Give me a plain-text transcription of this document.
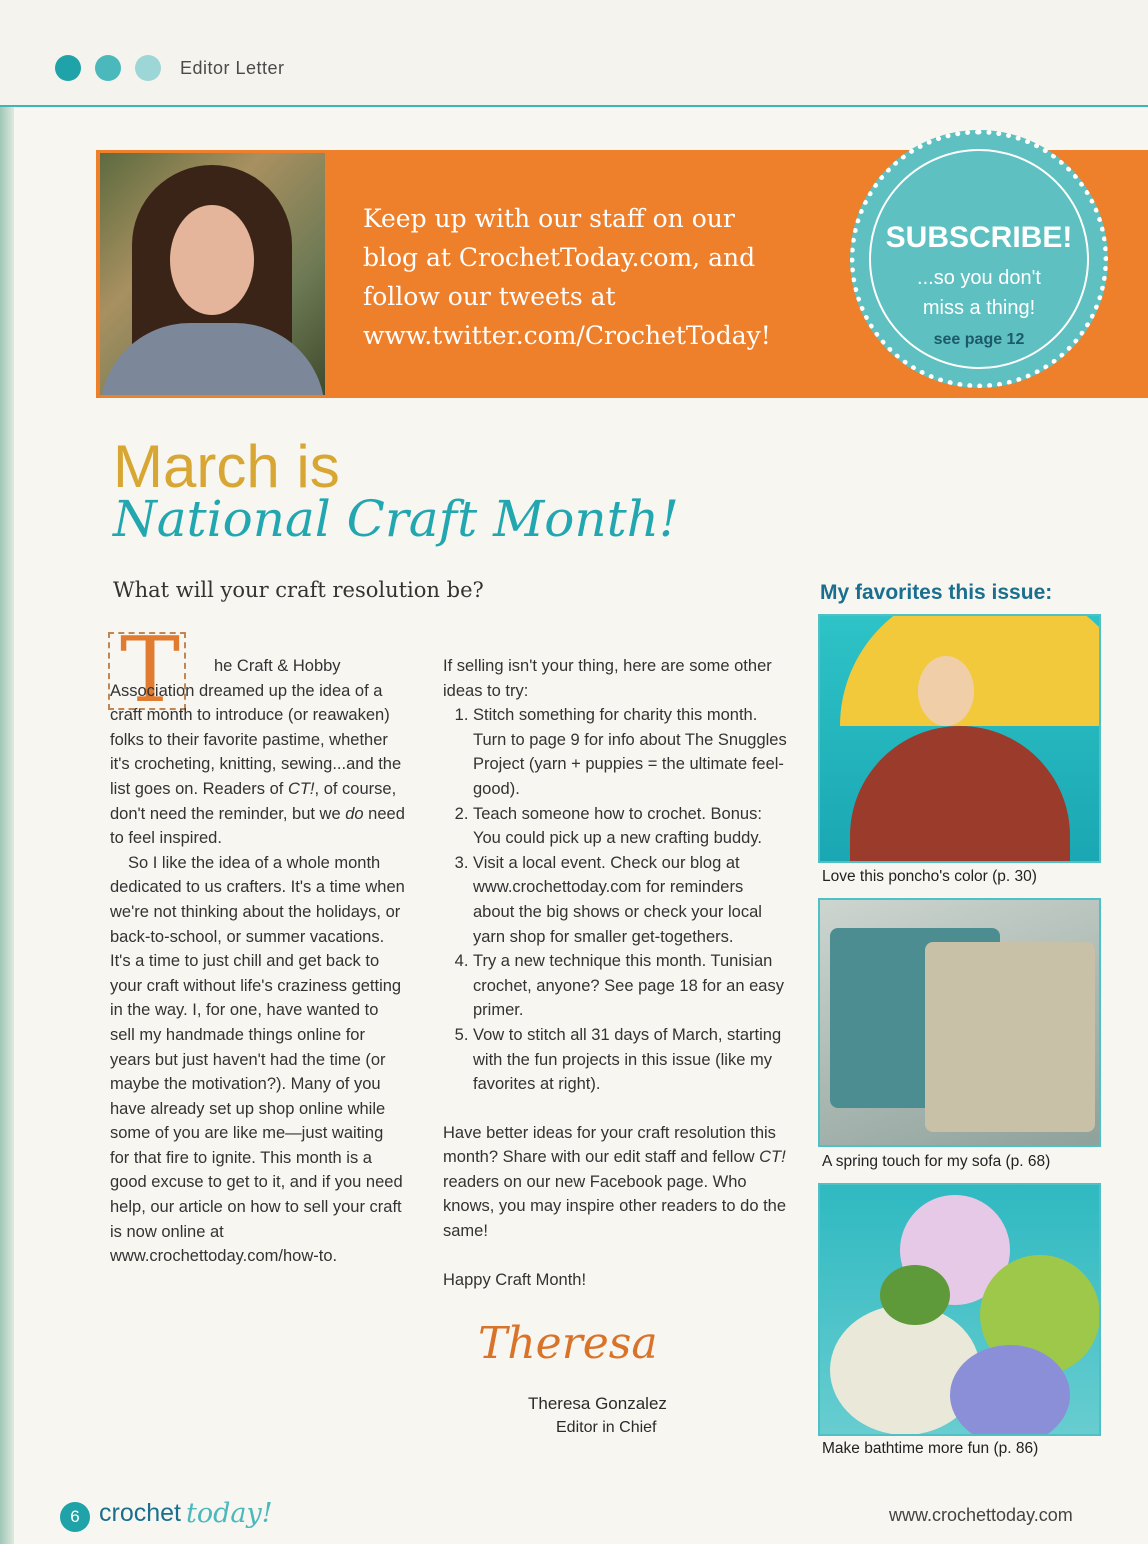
Editor Letter
Keep up with our staff on our
blog at CrochetToday.com, and
follow our tweets at
www.twitter.com/CrochetToday!
SUBSCRIBE!
...so you don't
miss a thing!
see page 12
March is
National Craft Month!
What will your craft resolution be?
T	he Craft & Hobby Association dreamed up the idea of a craft month to introduce (or reawaken) folks to their favorite pastime, whether it's crocheting, knitting, sewing...and the list goes on. Readers of CT!, of course, don't need the reminder, but we do need to feel inspired.

So I like the idea of a whole month dedicated to us crafters. It's a time when we're not thinking about the holidays, or back-to-school, or summer vacations. It's a time to just chill and get back to your craft without life's craziness getting in the way. I, for one, have wanted to sell my handmade things online for years but just haven't had the time (or maybe the motivation?). Many of you have already set up shop online while some of you are like me—just waiting for that fire to ignite. This month is a good excuse to get to it, and if you need help, our article on how to sell your craft is now online at www.crochettoday.com/how-to.

If selling isn't your thing, here are some other ideas to try:

1. Stitch something for charity this month. Turn to page 9 for info about The Snuggles Project (yarn + puppies = the ultimate feel-good).
2. Teach someone how to crochet. Bonus: You could pick up a new crafting buddy.
3. Visit a local event. Check our blog at www.crochettoday.com for reminders about the big shows or check your local yarn shop for smaller get-togethers.
4. Try a new technique this month. Tunisian crochet, anyone? See page 18 for an easy primer.
5. Vow to stitch all 31 days of March, starting with the fun projects in this issue (like my favorites at right).

Have better ideas for your craft resolution this month? Share with our edit staff and fellow CT! readers on our new Facebook page. Who knows, you may inspire other readers to do the same!

Happy Craft Month!

Theresa
Theresa Gonzalez
Editor in Chief
My favorites this issue:
Love this poncho's color (p. 30)
A spring touch for my sofa (p. 68)
Make bathtime more fun (p. 86)
6 crochet today!	www.crochettoday.com
